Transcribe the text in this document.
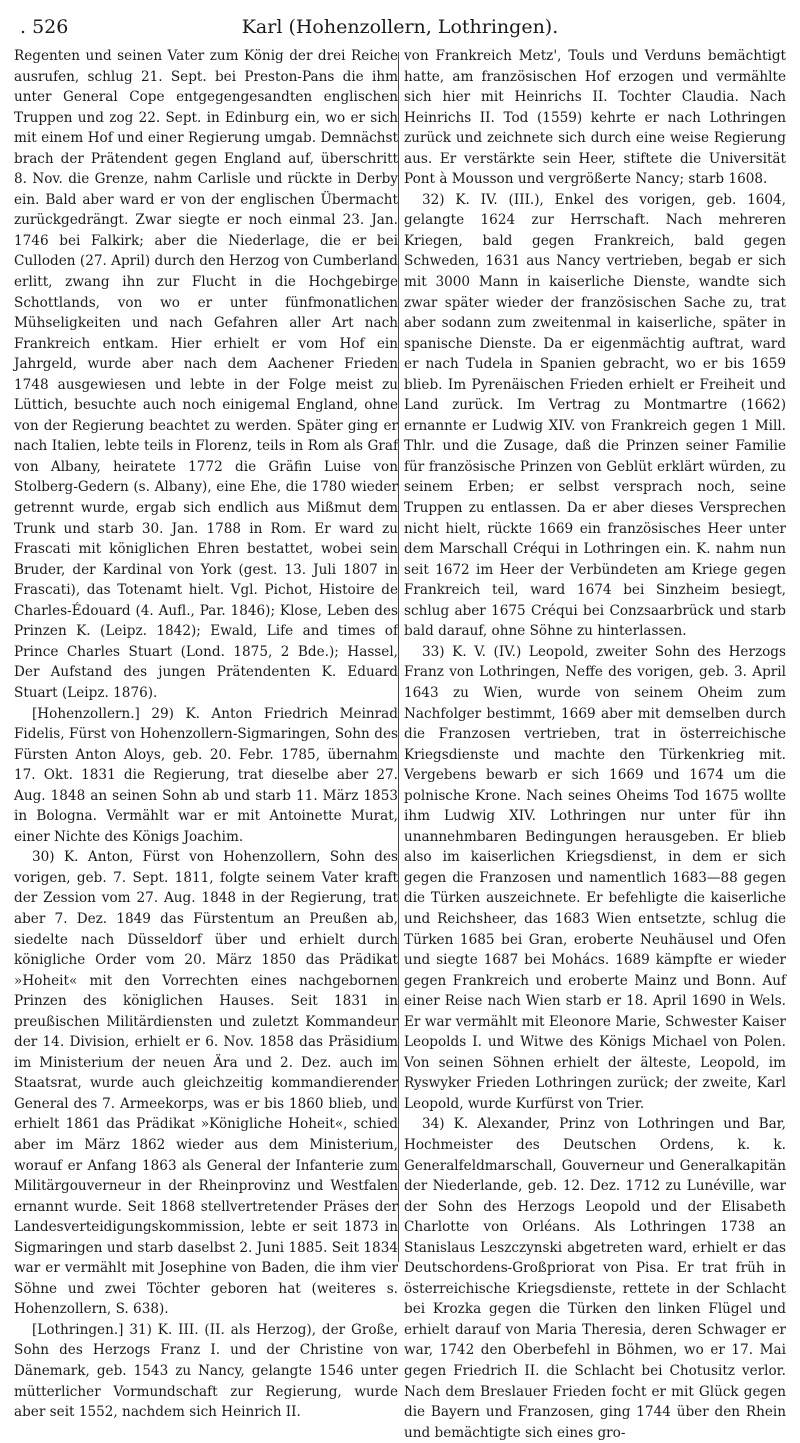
. 526	Karl (Hohenzollern, Lothringen).

Regenten und seinen Vater zum König der drei Reiche ausrufen, schlug 21. Sept. bei Preston-Pans die ihm unter General Cope entgegengesandten englischen Truppen und zog 22. Sept. in Edinburg ein, wo er sich mit einem Hof und einer Regierung umgab. Demnächst brach der Prätendent gegen England auf, überschritt 8. Nov. die Grenze, nahm Carlisle und rückte in Derby ein. Bald aber ward er von der englischen Übermacht zurückgedrängt. Zwar siegte er noch einmal 23. Jan. 1746 bei Falkirk; aber die Niederlage, die er bei Culloden (27. April) durch den Herzog von Cumberland erlitt, zwang ihn zur Flucht in die Hochgebirge Schottlands, von wo er unter fünfmonatlichen Mühseligkeiten und nach Gefahren aller Art nach Frankreich entkam. Hier erhielt er vom Hof ein Jahrgeld, wurde aber nach dem Aachener Frieden 1748 ausgewiesen und lebte in der Folge meist zu Lüttich, besuchte auch noch einigemal England, ohne von der Regierung beachtet zu werden. Später ging er nach Italien, lebte teils in Florenz, teils in Rom als Graf von Albany, heiratete 1772 die Gräfin Luise von Stolberg-Gedern (s. Albany), eine Ehe, die 1780 wieder getrennt wurde, ergab sich endlich aus Mißmut dem Trunk und starb 30. Jan. 1788 in Rom. Er ward zu Frascati mit königlichen Ehren bestattet, wobei sein Bruder, der Kardinal von York (gest. 13. Juli 1807 in Frascati), das Totenamt hielt. Vgl. Pichot, Histoire de Charles-Édouard (4. Aufl., Par. 1846); Klose, Leben des Prinzen K. (Leipz. 1842); Ewald, Life and times of Prince Charles Stuart (Lond. 1875, 2 Bde.); Hassel, Der Aufstand des jungen Prätendenten K. Eduard Stuart (Leipz. 1876).

[Hohenzollern.] 29) K. Anton Friedrich Meinrad Fidelis, Fürst von Hohenzollern-Sigmaringen, Sohn des Fürsten Anton Aloys, geb. 20. Febr. 1785, übernahm 17. Okt. 1831 die Regierung, trat dieselbe aber 27. Aug. 1848 an seinen Sohn ab und starb 11. März 1853 in Bologna. Vermählt war er mit Antoinette Murat, einer Nichte des Königs Joachim.

30) K. Anton, Fürst von Hohenzollern, Sohn des vorigen, geb. 7. Sept. 1811, folgte seinem Vater kraft der Zession vom 27. Aug. 1848 in der Regierung, trat aber 7. Dez. 1849 das Fürstentum an Preußen ab, siedelte nach Düsseldorf über und erhielt durch königliche Order vom 20. März 1850 das Prädikat »Hoheit« mit den Vorrechten eines nachgebornen Prinzen des königlichen Hauses. Seit 1831 in preußischen Militärdiensten und zuletzt Kommandeur der 14. Division, erhielt er 6. Nov. 1858 das Präsidium im Ministerium der neuen Ära und 2. Dez. auch im Staatsrat, wurde auch gleichzeitig kommandierender General des 7. Armeekorps, was er bis 1860 blieb, und erhielt 1861 das Prädikat »Königliche Hoheit«, schied aber im März 1862 wieder aus dem Ministerium, worauf er Anfang 1863 als General der Infanterie zum Militärgouverneur in der Rheinprovinz und Westfalen ernannt wurde. Seit 1868 stellvertretender Präses der Landesverteidigungskommission, lebte er seit 1873 in Sigmaringen und starb daselbst 2. Juni 1885. Seit 1834 war er vermählt mit Josephine von Baden, die ihm vier Söhne und zwei Töchter geboren hat (weiteres s. Hohenzollern, S. 638).

[Lothringen.] 31) K. III. (II. als Herzog), der Große, Sohn des Herzogs Franz I. und der Christine von Dänemark, geb. 1543 zu Nancy, gelangte 1546 unter mütterlicher Vormundschaft zur Regierung, wurde aber seit 1552, nachdem sich Heinrich II.

von Frankreich Metz', Touls und Verduns bemächtigt hatte, am französischen Hof erzogen und vermählte sich hier mit Heinrichs II. Tochter Claudia. Nach Heinrichs II. Tod (1559) kehrte er nach Lothringen zurück und zeichnete sich durch eine weise Regierung aus. Er verstärkte sein Heer, stiftete die Universität Pont à Mousson und vergrößerte Nancy; starb 1608.

32) K. IV. (III.), Enkel des vorigen, geb. 1604, gelangte 1624 zur Herrschaft. Nach mehreren Kriegen, bald gegen Frankreich, bald gegen Schweden, 1631 aus Nancy vertrieben, begab er sich mit 3000 Mann in kaiserliche Dienste, wandte sich zwar später wieder der französischen Sache zu, trat aber sodann zum zweitenmal in kaiserliche, später in spanische Dienste. Da er eigenmächtig auftrat, ward er nach Tudela in Spanien gebracht, wo er bis 1659 blieb. Im Pyrenäischen Frieden erhielt er Freiheit und Land zurück. Im Vertrag zu Montmartre (1662) ernannte er Ludwig XIV. von Frankreich gegen 1 Mill. Thlr. und die Zusage, daß die Prinzen seiner Familie für französische Prinzen von Geblüt erklärt würden, zu seinem Erben; er selbst versprach noch, seine Truppen zu entlassen. Da er aber dieses Versprechen nicht hielt, rückte 1669 ein französisches Heer unter dem Marschall Créqui in Lothringen ein. K. nahm nun seit 1672 im Heer der Verbündeten am Kriege gegen Frankreich teil, ward 1674 bei Sinzheim besiegt, schlug aber 1675 Créqui bei Conzsaarbrück und starb bald darauf, ohne Söhne zu hinterlassen.

33) K. V. (IV.) Leopold, zweiter Sohn des Herzogs Franz von Lothringen, Neffe des vorigen, geb. 3. April 1643 zu Wien, wurde von seinem Oheim zum Nachfolger bestimmt, 1669 aber mit demselben durch die Franzosen vertrieben, trat in österreichische Kriegsdienste und machte den Türkenkrieg mit. Vergebens bewarb er sich 1669 und 1674 um die polnische Krone. Nach seines Oheims Tod 1675 wollte ihm Ludwig XIV. Lothringen nur unter für ihn unannehmbaren Bedingungen herausgeben. Er blieb also im kaiserlichen Kriegsdienst, in dem er sich gegen die Franzosen und namentlich 1683—88 gegen die Türken auszeichnete. Er befehligte die kaiserliche und Reichsheer, das 1683 Wien entsetzte, schlug die Türken 1685 bei Gran, eroberte Neuhäusel und Ofen und siegte 1687 bei Mohács. 1689 kämpfte er wieder gegen Frankreich und eroberte Mainz und Bonn. Auf einer Reise nach Wien starb er 18. April 1690 in Wels. Er war vermählt mit Eleonore Marie, Schwester Kaiser Leopolds I. und Witwe des Königs Michael von Polen. Von seinen Söhnen erhielt der älteste, Leopold, im Ryswyker Frieden Lothringen zurück; der zweite, Karl Leopold, wurde Kurfürst von Trier.

34) K. Alexander, Prinz von Lothringen und Bar, Hochmeister des Deutschen Ordens, k. k. Generalfeldmarschall, Gouverneur und Generalkapitän der Niederlande, geb. 12. Dez. 1712 zu Lunéville, war der Sohn des Herzogs Leopold und der Elisabeth Charlotte von Orléans. Als Lothringen 1738 an Stanislaus Leszczynski abgetreten ward, erhielt er das Deutschordens-Großpriorat von Pisa. Er trat früh in österreichische Kriegsdienste, rettete in der Schlacht bei Krozka gegen die Türken den linken Flügel und erhielt darauf von Maria Theresia, deren Schwager er war, 1742 den Oberbefehl in Böhmen, wo er 17. Mai gegen Friedrich II. die Schlacht bei Chotusitz verlor. Nach dem Breslauer Frieden focht er mit Glück gegen die Bayern und Franzosen, ging 1744 über den Rhein und bemächtigte sich eines gro-
